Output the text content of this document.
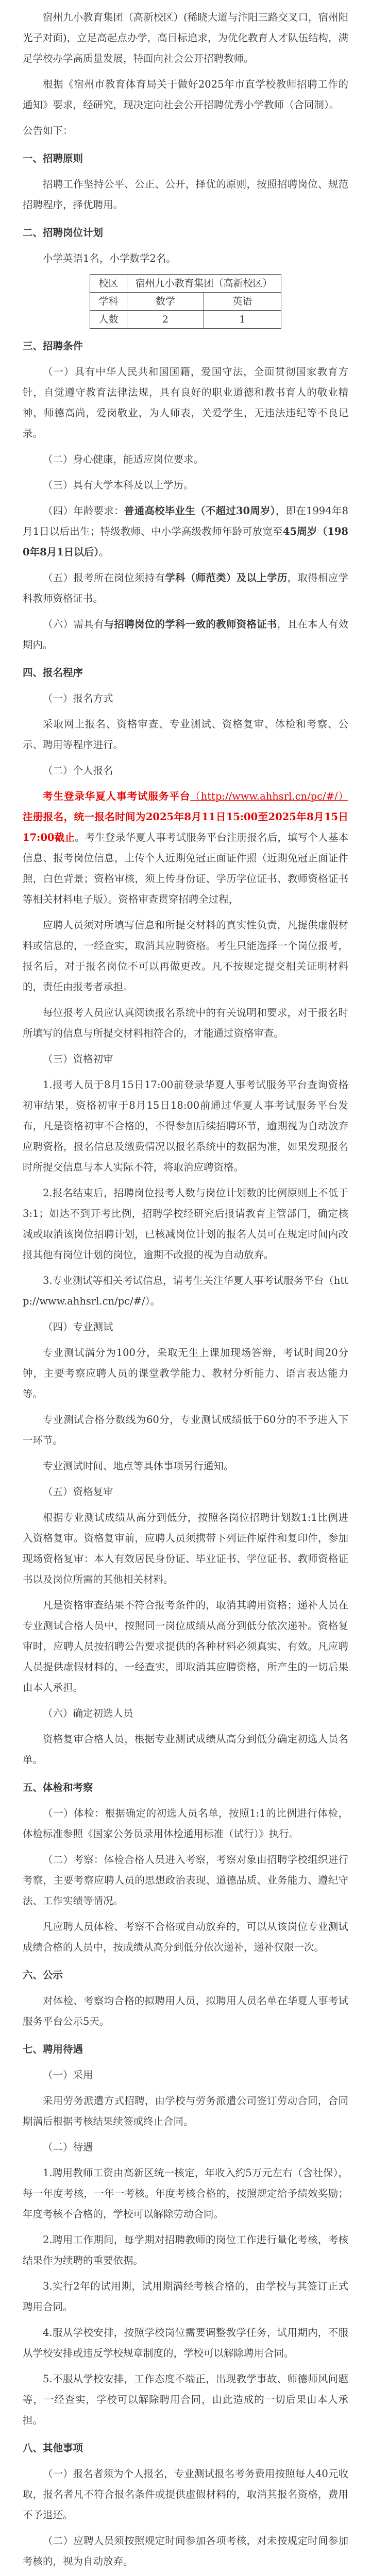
宿州九小教育集团（高新校区）(稀晓大道与汴阳三路交叉口，宿州阳光子对面)，立足高起点办学，高目标追求，为优化教育人才队伍结构，满足学校办学高质量发展，特面向社会公开招聘教师。

根据《宿州市教育体育局关于做好2025年市直学校教师招聘工作的通知》要求，经研究，现决定向社会公开招聘优秀小学教师（合同制）。

公告如下：

一、招聘原则

招聘工作坚持公平、公正、公开，择优的原则，按照招聘岗位、规范招聘程序，择优聘用。

二、招聘岗位计划

小学英语1名，小学数学2名。

校区	宿州九小教育集团（高新校区）	
学科	数学	英语
人数	2	1

三、招聘条件

（一）具有中华人民共和国国籍，爱国守法，全面贯彻国家教育方针，自觉遵守教育法律法规，具有良好的职业道德和教书育人的敬业精神，师德高尚，爱岗敬业，为人师表，关爱学生，无违法违纪等不良记录。

（二）身心健康，能适应岗位要求。

（三）具有大学本科及以上学历。

（四）年龄要求：普通高校毕业生（不超过30周岁），即在1994年8月1日以后出生；特级教师、中小学高级教师年龄可放宽至45周岁（1980年8月1日以后）。

（五）报考所在岗位须持有学科（师范类）及以上学历，取得相应学科教师资格证书。

（六）需具有与招聘岗位的学科一致的教师资格证书，且在本人有效期内。

四、报名程序

（一）报名方式

采取网上报名、资格审查、专业测试、资格复审、体检和考察、公示、聘用等程序进行。

（二）个人报名

考生登录华夏人事考试服务平台（http://www.ahhsrl.cn/pc/#/）注册报名，统一报名时间为2025年8月11日15:00至2025年8月15日17:00截止。考生登录华夏人事考试服务平台注册报名后，填写个人基本信息、报考岗位信息，上传个人近期免冠正面证件照（近期免冠正面证件照，白色背景；资格审核，须上传身份证、学历学位证书、教师资格证书等相关材料电子版）。资格审查贯穿招聘全过程，

应聘人员须对所填写信息和所提交材料的真实性负责，凡提供虚假材料或信息的，一经查实，取消其应聘资格。考生只能选择一个岗位报考，报名后，对于报名岗位不可以再做更改。凡不按规定提交相关证明材料的，责任由报考者承担。

每位报考人员应认真阅读报名系统中的有关说明和要求，对于报名时所填写的信息与所提交材料相符合的，才能通过资格审查。

（三）资格初审

1.报考人员于8月15日17:00前登录华夏人事考试服务平台查询资格初审结果，资格初审于8月15日18:00前通过华夏人事考试服务平台发布，凡是资格初审不合格的，不得参加后续招聘环节，逾期视为自动放弃应聘资格，报名信息及缴费情况以报名系统中的数据为准，如果发现报名时所提交信息与本人实际不符，将取消应聘资格。

2.报名结束后，招聘岗位报考人数与岗位计划数的比例原则上不低于3:1；如达不到开考比例，招聘学校经研究后报请教育主管部门，确定核减或取消该岗位招聘计划，已核减岗位计划的报名人员可在规定时间内改报其他有岗位计划的岗位，逾期不改报的视为自动放弃。

3.专业测试等相关考试信息，请考生关注华夏人事考试服务平台（http://www.ahhsrl.cn/pc/#/）。

（四）专业测试

专业测试满分为100分，采取无生上课加现场答辩，考试时间20分钟，主要考察应聘人员的课堂教学能力、教材分析能力、语言表达能力等。

专业测试合格分数线为60分，专业测试成绩低于60分的不予进入下一环节。

专业测试时间、地点等具体事项另行通知。

（五）资格复审

根据专业测试成绩从高分到低分，按照各岗位招聘计划数1:1比例进入资格复审。资格复审前，应聘人员须携带下列证件原件和复印件，参加现场资格复审：本人有效居民身份证、毕业证书、学位证书、教师资格证书以及岗位所需的其他相关材料。

凡是资格审查结果不符合报考条件的，取消其聘用资格；递补人员在专业测试合格人员中，按照同一岗位成绩从高分到低分依次递补。资格复审时，应聘人员按招聘公告要求提供的各种材料必须真实、有效。凡应聘人员提供虚假材料的，一经查实，即取消其应聘资格，所产生的一切后果由本人承担。

（六）确定初选人员

资格复审合格人员，根据专业测试成绩从高分到低分确定初选人员名单。

五、体检和考察

（一）体检：根据确定的初选人员名单，按照1:1的比例进行体检，体检标准参照《国家公务员录用体检通用标准（试行）》执行。

（二）考察：体检合格人员进入考察，考察对象由招聘学校组织进行考察，主要考察应聘人员的思想政治表现、道德品质、业务能力、遵纪守法、工作实绩等情况。

凡应聘人员体检、考察不合格或自动放弃的，可以从该岗位专业测试成绩合格的人员中，按成绩从高分到低分依次递补，递补仅限一次。

六、公示

对体检、考察均合格的拟聘用人员，拟聘用人员名单在华夏人事考试服务平台公示5天。

七、聘用待遇

（一）采用

采用劳务派遣方式招聘，由学校与劳务派遣公司签订劳动合同，合同期满后根据考核结果续签或终止合同。

（二）待遇

1.聘用教师工资由高新区统一核定，年收入约5万元左右（含社保），每一年度考核，一年一考核。年度考核合格的，按照规定给予绩效奖励；年度考核不合格的，学校可以解除劳动合同。

2.聘用工作期间，每学期对招聘教师的岗位工作进行量化考核，考核结果作为续聘的重要依据。

3.实行2年的试用期，试用期满经考核合格的，由学校与其签订正式聘用合同。

4.服从学校安排，按照学校岗位需要调整教学任务，试用期内，不服从学校安排或违反学校规章制度的，学校可以解除聘用合同。

5.不服从学校安排，工作态度不端正，出现教学事故、师德师风问题等，一经查实，学校可以解除聘用合同，由此造成的一切后果由本人承担。

八、其他事项

（一）报名者须为个人报名，专业测试报名考务费用按照每人40元收取，报名者凡不符合报名条件或提供虚假材料的，取消其报名资格，费用不予退还。

（二）应聘人员须按照规定时间参加各项考核，对未按规定时间参加考核的，视为自动放弃。
